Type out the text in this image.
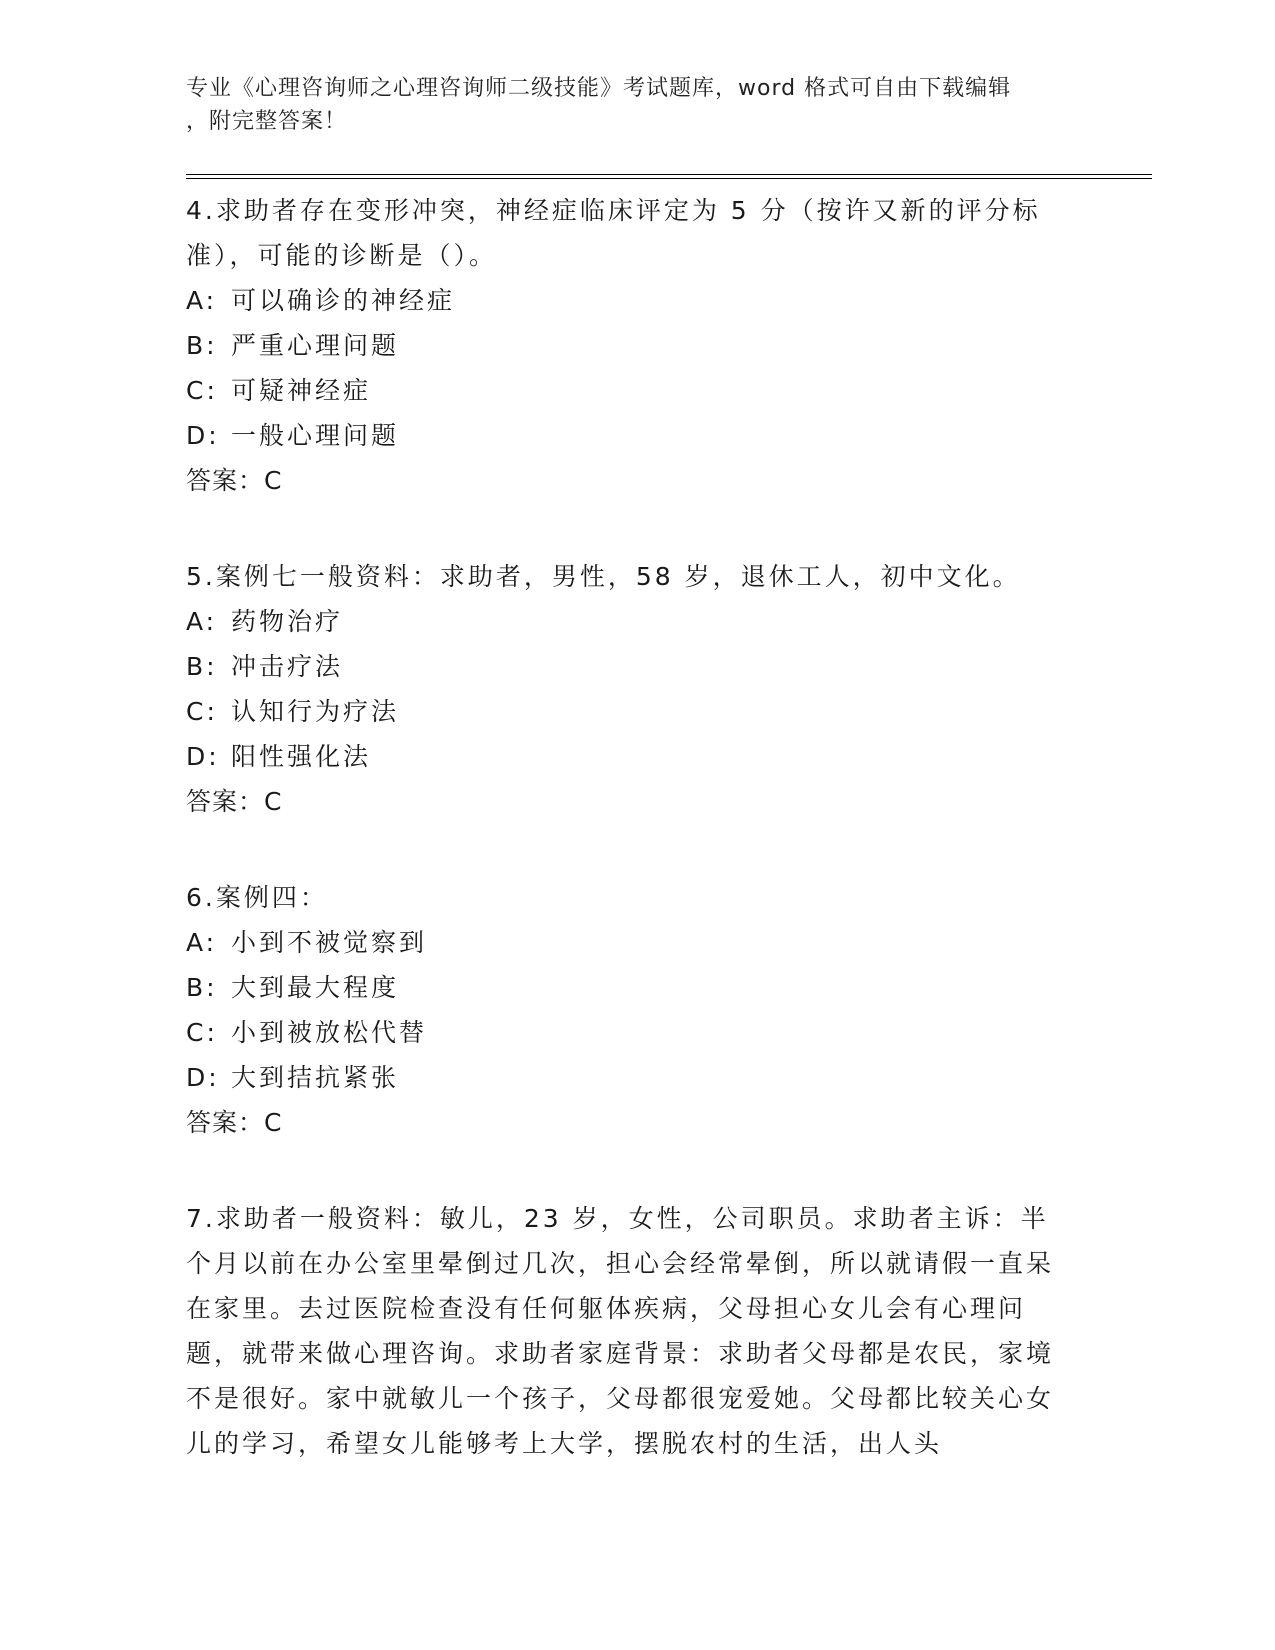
专业《心理咨询师之心理咨询师二级技能》考试题库，word 格式可自由下载编辑
，附完整答案！

4.求助者存在变形冲突，神经症临床评定为 5 分（按许又新的评分标准），可能的诊断是（）。

A: 可以确诊的神经症

B: 严重心理问题

C: 可疑神经症

D: 一般心理问题

答案：C

5.案例七一般资料：求助者，男性，58 岁，退休工人，初中文化。

A: 药物治疗

B: 冲击疗法

C: 认知行为疗法

D: 阳性强化法

答案：C

6.案例四：

A: 小到不被觉察到

B: 大到最大程度

C: 小到被放松代替

D: 大到拮抗紧张

答案：C

7.求助者一般资料：敏儿，23 岁，女性，公司职员。求助者主诉：半个月以前在办公室里晕倒过几次，担心会经常晕倒，所以就请假一直呆在家里。去过医院检查没有任何躯体疾病，父母担心女儿会有心理问题，就带来做心理咨询。求助者家庭背景：求助者父母都是农民，家境不是很好。家中就敏儿一个孩子，父母都很宠爱她。父母都比较关心女儿的学习，希望女儿能够考上大学，摆脱农村的生活，出人头
